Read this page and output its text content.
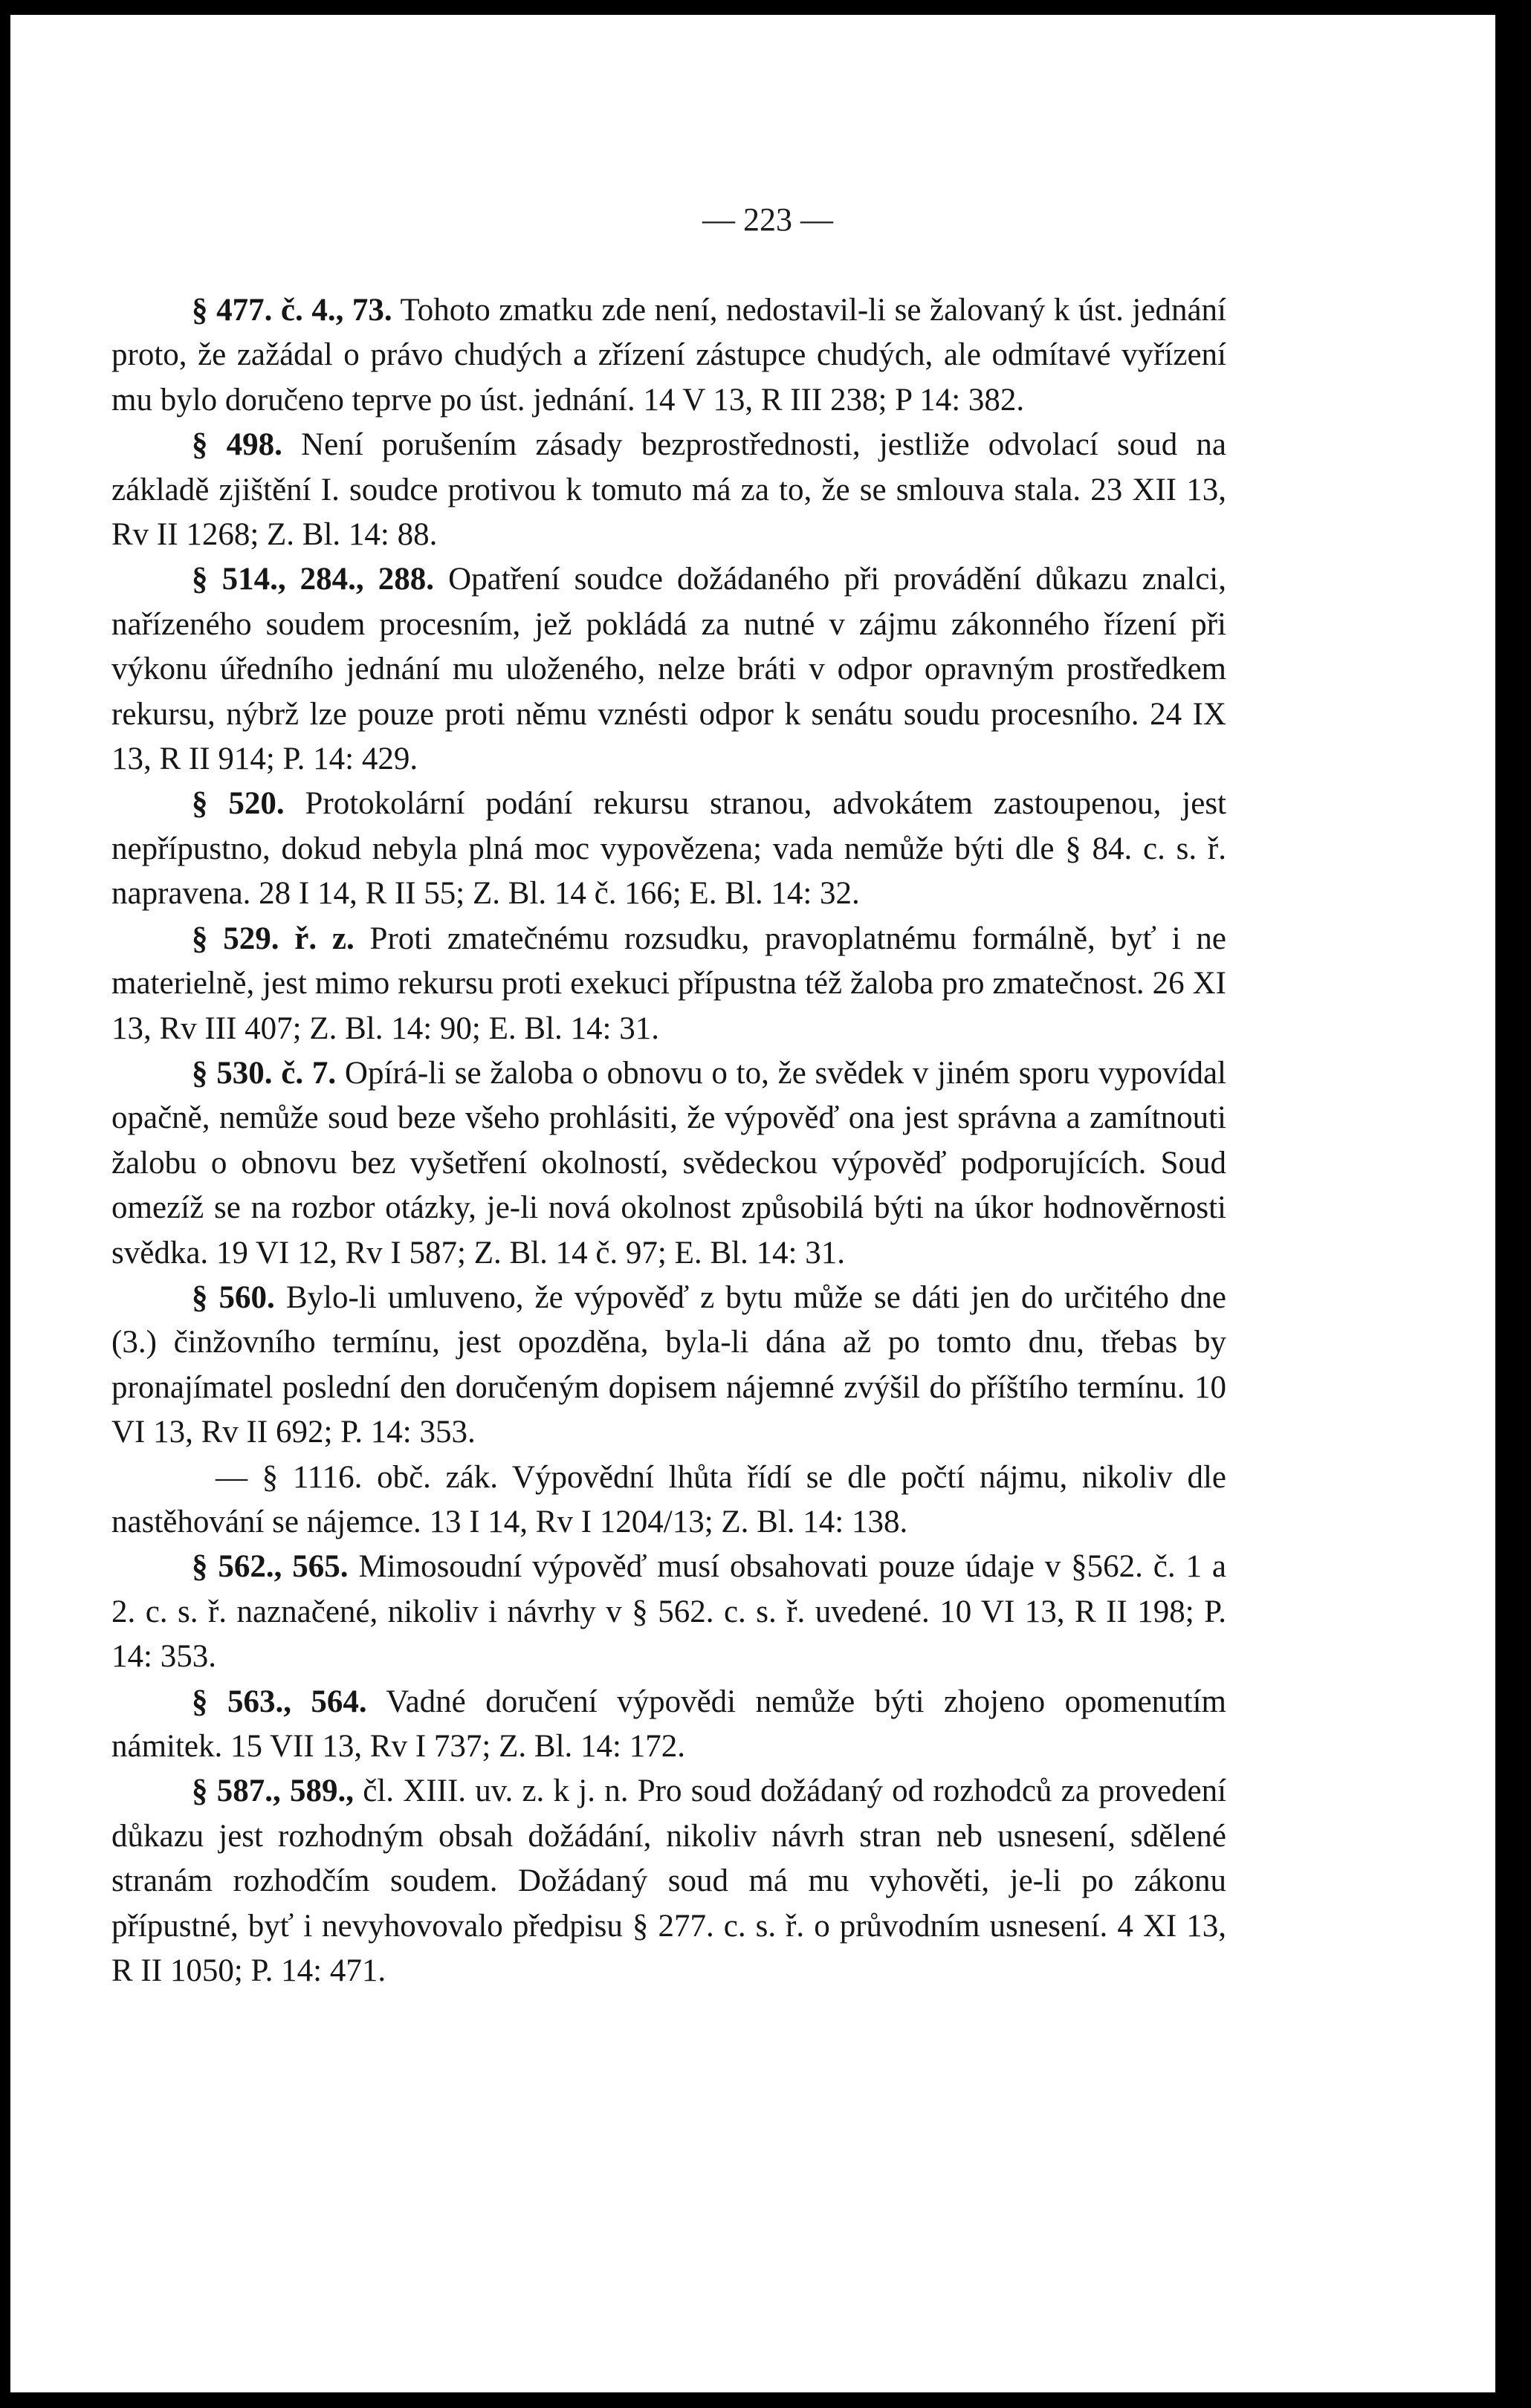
— 223 —

§ 477. č. 4., 73. Tohoto zmatku zde není, nedostavil-li se žalovaný k úst. jednání proto, že zažádal o právo chudých a zřízení zástupce chudých, ale odmítavé vyřízení mu bylo doručeno teprve po úst. jednání. 14 V 13, R III 238; P 14: 382.

§ 498. Není porušením zásady bezprostřednosti, jestliže odvolací soud na základě zjištění I. soudce protivou k tomuto má za to, že se smlouva stala. 23 XII 13, Rv II 1268; Z. Bl. 14: 88.

§ 514., 284., 288. Opatření soudce dožádaného při provádění důkazu znalci, nařízeného soudem procesním, jež pokládá za nutné v zájmu zákonného řízení při výkonu úředního jednání mu uloženého, nelze bráti v odpor opravným prostředkem rekursu, nýbrž lze pouze proti němu vznésti odpor k senátu soudu procesního. 24 IX 13, R II 914; P. 14: 429.

§ 520. Protokolární podání rekursu stranou, advokátem zastoupenou, jest nepřípustno, dokud nebyla plná moc vypovězena; vada nemůže býti dle § 84. c. s. ř. napravena. 28 I 14, R II 55; Z. Bl. 14 č. 166; E. Bl. 14: 32.

§ 529. ř. z. Proti zmatečnému rozsudku, pravoplatnému formálně, byť i ne materielně, jest mimo rekursu proti exekuci přípustna též žaloba pro zmatečnost. 26 XI 13, Rv III 407; Z. Bl. 14: 90; E. Bl. 14: 31.

§ 530. č. 7. Opírá-li se žaloba o obnovu o to, že svědek v jiném sporu vypovídal opačně, nemůže soud beze všeho prohlásiti, že výpověď ona jest správna a zamítnouti žalobu o obnovu bez vyšetření okolností, svědeckou výpověď podporujících. Soud omezíž se na rozbor otázky, je-li nová okolnost způsobilá býti na úkor hodnověrnosti svědka. 19 VI 12, Rv I 587; Z. Bl. 14 č. 97; E. Bl. 14: 31.

§ 560. Bylo-li umluveno, že výpověď z bytu může se dáti jen do určitého dne (3.) činžovního termínu, jest opozděna, byla-li dána až po tomto dnu, třebas by pronajímatel poslední den doručeným dopisem nájemné zvýšil do příštího termínu. 10 VI 13, Rv II 692; P. 14: 353.

— § 1116. obč. zák. Výpovědní lhůta řídí se dle počtí nájmu, nikoliv dle nastěhování se nájemce. 13 I 14, Rv I 1204/13; Z. Bl. 14: 138.

§ 562., 565. Mimosoudní výpověď musí obsahovati pouze údaje v §562. č. 1 a 2. c. s. ř. naznačené, nikoliv i návrhy v § 562. c. s. ř. uvedené. 10 VI 13, R II 198; P. 14: 353.

§ 563., 564. Vadné doručení výpovědi nemůže býti zhojeno opomenutím námitek. 15 VII 13, Rv I 737; Z. Bl. 14: 172.

§ 587., 589., čl. XIII. uv. z. k j. n. Pro soud dožádaný od rozhodců za provedení důkazu jest rozhodným obsah dožádání, nikoliv návrh stran neb usnesení, sdělené stranám rozhodčím soudem. Dožádaný soud má mu vyhověti, je-li po zákonu přípustné, byť i nevyhovovalo předpisu § 277. c. s. ř. o průvodním usnesení. 4 XI 13, R II 1050; P. 14: 471.
